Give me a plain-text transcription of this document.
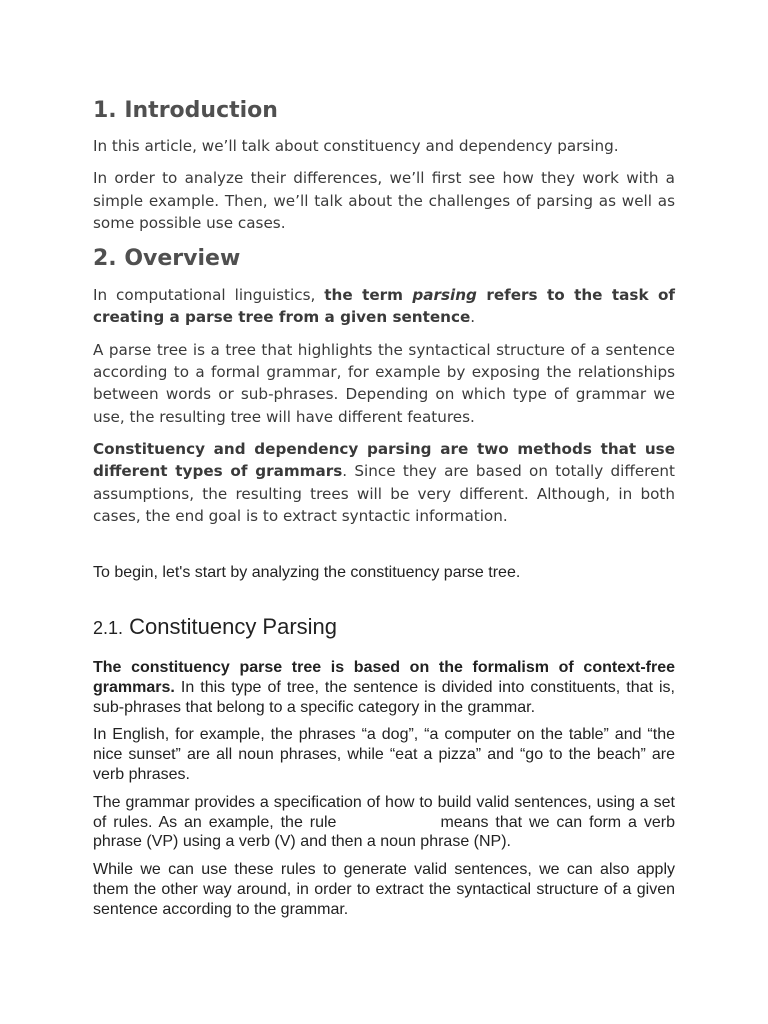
1. Introduction

In this article, we’ll talk about constituency and dependency parsing.

In order to analyze their differences, we’ll first see how they work with a simple example. Then, we’ll talk about the challenges of parsing as well as some possible use cases.

2. Overview

In computational linguistics, the term parsing refers to the task of creating a parse tree from a given sentence.

A parse tree is a tree that highlights the syntactical structure of a sentence according to a formal grammar, for example by exposing the relationships between words or sub-phrases. Depending on which type of grammar we use, the resulting tree will have different features.

Constituency and dependency parsing are two methods that use different types of grammars. Since they are based on totally different assumptions, the resulting trees will be very different. Although, in both cases, the end goal is to extract syntactic information.

To begin, let's start by analyzing the constituency parse tree.

2.1. Constituency Parsing

The constituency parse tree is based on the formalism of context-free grammars. In this type of tree, the sentence is divided into constituents, that is, sub-phrases that belong to a specific category in the grammar.

In English, for example, the phrases “a dog”, “a computer on the table” and “the nice sunset” are all noun phrases, while “eat a pizza” and “go to the beach” are verb phrases.

The grammar provides a specification of how to build valid sentences, using a set of rules. As an example, the rule	means that we can form a verb phrase (VP) using a verb (V) and then a noun phrase (NP).

While we can use these rules to generate valid sentences, we can also apply them the other way around, in order to extract the syntactical structure of a given sentence according to the grammar.
